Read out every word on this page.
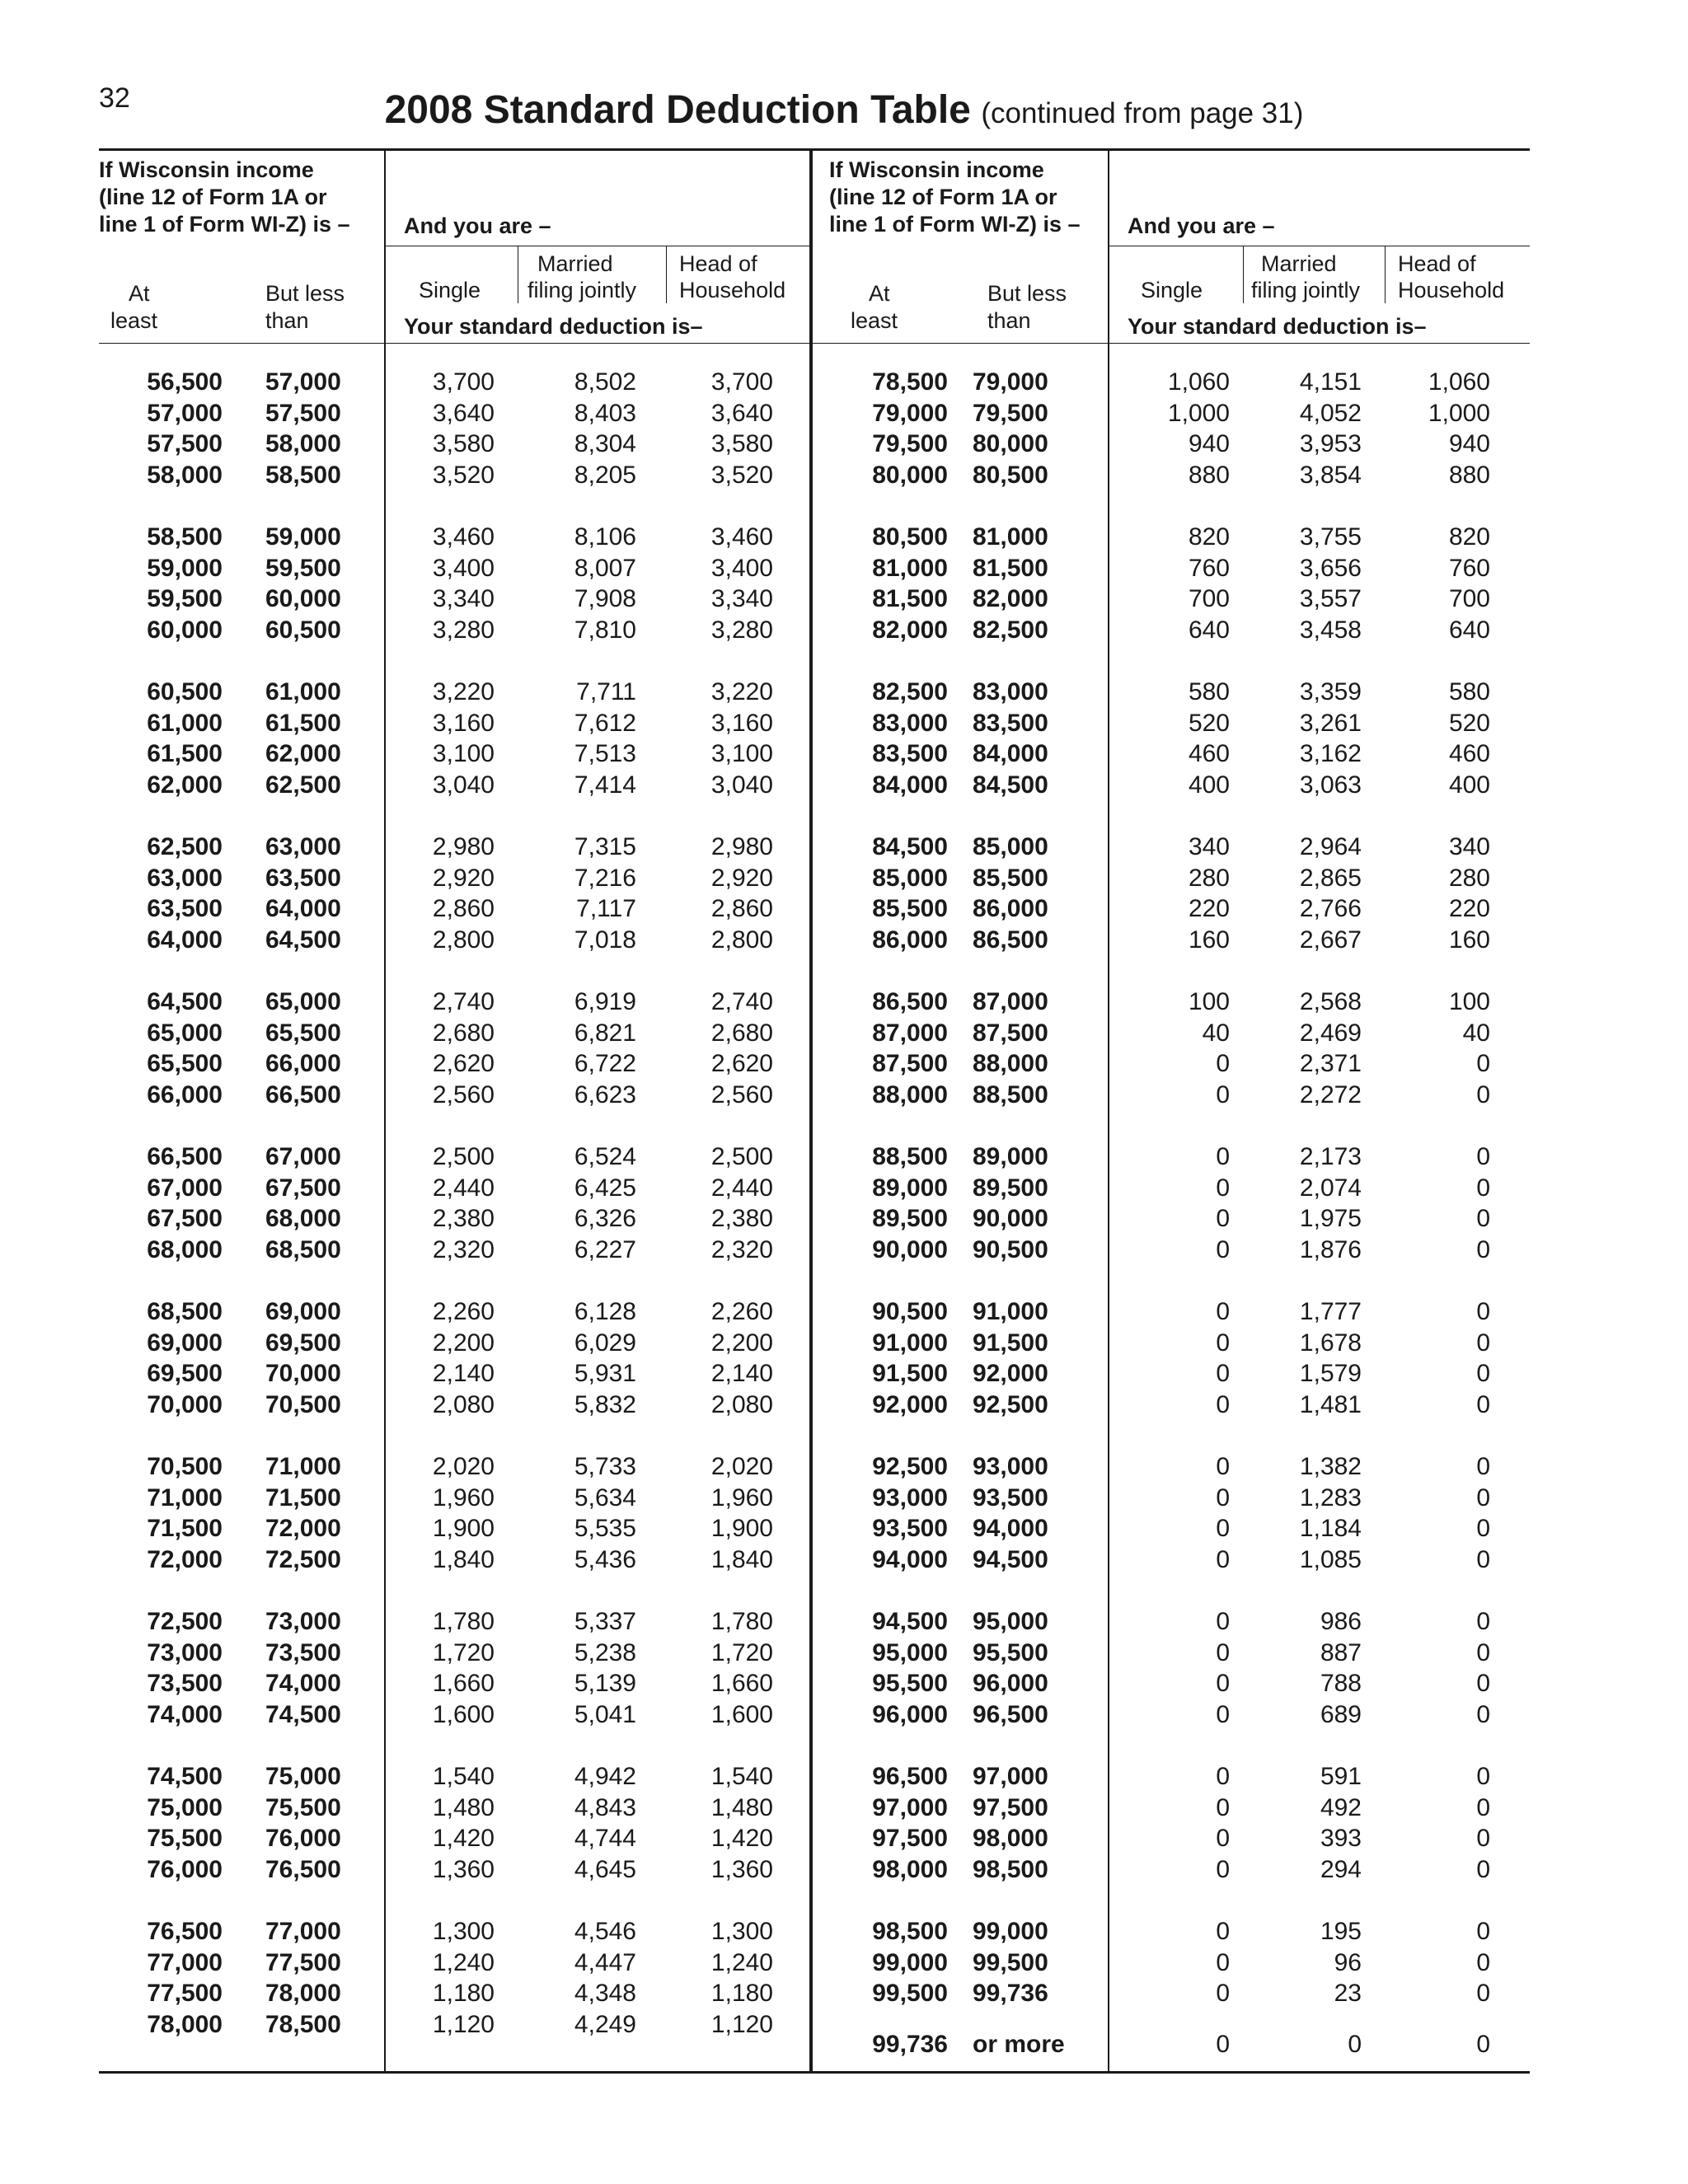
32	2008 Standard Deduction Table (continued from page 31)
If Wisconsin income
(line 12 of Form 1A or
line 1 of Form WI-Z) is – And you are –
At
least
But less
than
Single
Married
filing jointly
Head of
Household
Your standard deduction is–
If Wisconsin income
(line 12 of Form 1A or
line 1 of Form WI-Z) is – And you are –
At
least
But less
than
Single
Married
filing jointly
Head of
Household
Your standard deduction is–
56,500 57,000	3,700	8,502	3,700
57,000 57,500	3,640	8,403	3,640
57,500 58,000	3,580	8,304	3,580
58,000 58,500	3,520	8,205	3,520
58,500 59,000	3,460	8,106	3,460
59,000 59,500	3,400	8,007	3,400
59,500 60,000	3,340	7,908	3,340
60,000 60,500	3,280	7,810	3,280
60,500 61,000	3,220	7,711	3,220
61,000 61,500	3,160	7,612	3,160
61,500 62,000	3,100	7,513	3,100
62,000 62,500	3,040	7,414	3,040
62,500 63,000	2,980	7,315	2,980
63,000 63,500	2,920	7,216	2,920
63,500 64,000	2,860	7,117	2,860
64,000 64,500	2,800	7,018	2,800
64,500 65,000	2,740	6,919	2,740
65,000 65,500	2,680	6,821	2,680
65,500 66,000	2,620	6,722	2,620
66,000 66,500	2,560	6,623	2,560
66,500 67,000	2,500	6,524	2,500
67,000 67,500	2,440	6,425	2,440
67,500 68,000	2,380	6,326	2,380
68,000 68,500	2,320	6,227	2,320
68,500 69,000	2,260	6,128	2,260
69,000 69,500	2,200	6,029	2,200
69,500 70,000	2,140	5,931	2,140
70,000 70,500	2,080	5,832	2,080
70,500 71,000	2,020	5,733	2,020
71,000 71,500	1,960	5,634	1,960
71,500 72,000	1,900	5,535	1,900
72,000 72,500	1,840	5,436	1,840
72,500 73,000	1,780	5,337	1,780
73,000 73,500	1,720	5,238	1,720
73,500 74,000	1,660	5,139	1,660
74,000 74,500	1,600	5,041	1,600
74,500 75,000	1,540	4,942	1,540
75,000 75,500	1,480	4,843	1,480
75,500 76,000	1,420	4,744	1,420
76,000 76,500	1,360	4,645	1,360
76,500 77,000	1,300	4,546	1,300
77,000 77,500	1,240	4,447	1,240
77,500 78,000	1,180	4,348	1,180
78,000 78,500	1,120	4,249	1,120
78,500 79,000	1,060	4,151	1,060
79,000 79,500	1,000	4,052	1,000
79,500 80,000	940	3,953	940
80,000 80,500	880	3,854	880
80,500 81,000	820	3,755	820
81,000 81,500	760	3,656	760
81,500 82,000	700	3,557	700
82,000 82,500	640	3,458	640
82,500 83,000	580	3,359	580
83,000 83,500	520	3,261	520
83,500 84,000	460	3,162	460
84,000 84,500	400	3,063	400
84,500 85,000	340	2,964	340
85,000 85,500	280	2,865	280
85,500 86,000	220	2,766	220
86,000 86,500	160	2,667	160
86,500 87,000	100	2,568	100
87,000 87,500	40	2,469	40
87,500 88,000	0	2,371	0
88,000 88,500	0	2,272	0
88,500 89,000	0	2,173	0
89,000 89,500	0	2,074	0
89,500 90,000	0	1,975	0
90,000 90,500	0	1,876	0
90,500 91,000	0	1,777	0
91,000 91,500	0	1,678	0
91,500 92,000	0	1,579	0
92,000 92,500	0	1,481	0
92,500 93,000	0	1,382	0
93,000 93,500	0	1,283	0
93,500 94,000	0	1,184	0
94,000 94,500	0	1,085	0
94,500 95,000	0	986	0
95,000 95,500	0	887	0
95,500 96,000	0	788	0
96,000 96,500	0	689	0
96,500 97,000	0	591	0
97,000 97,500	0	492	0
97,500 98,000	0	393	0
98,000 98,500	0	294	0
98,500 99,000	0	195	0
99,000 99,500	0	96	0
99,500 99,736	0	23	0
99,736 or more	0	0	0
